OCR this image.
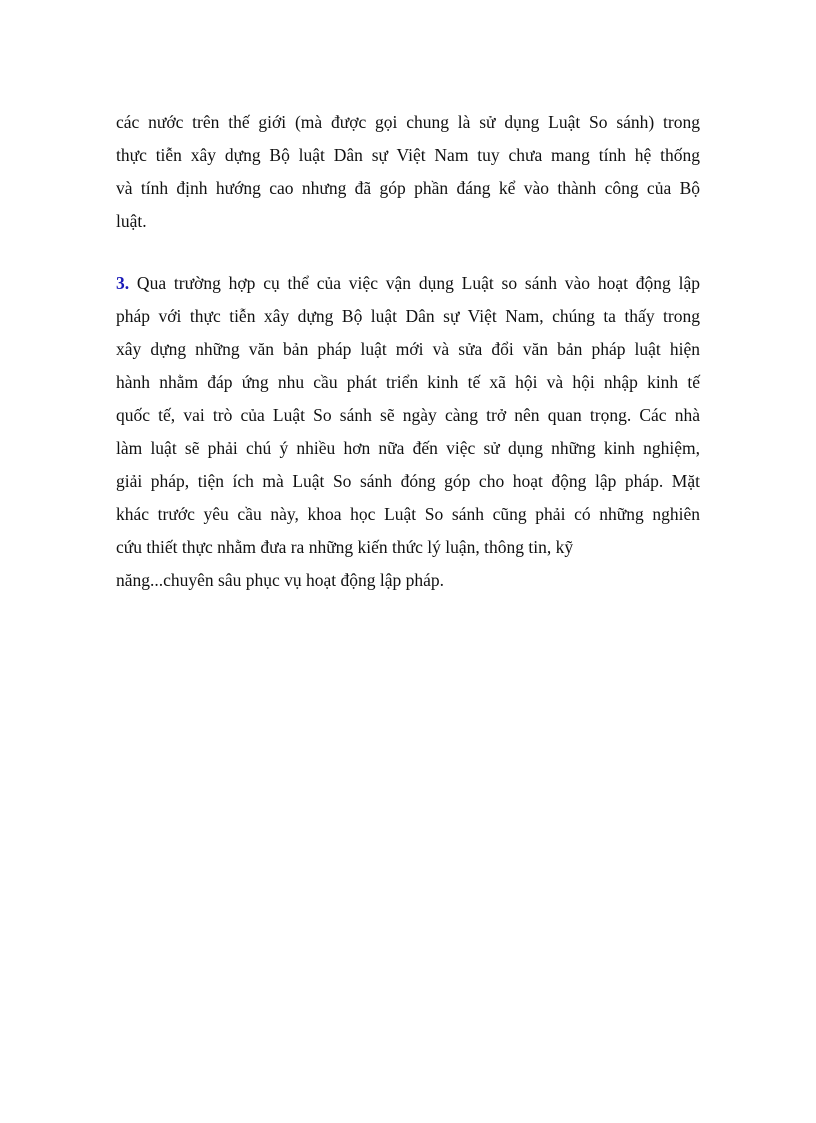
các nước trên thế giới (mà được gọi chung là sử dụng Luật So sánh) trong
thực tiễn xây dựng Bộ luật Dân sự Việt Nam tuy chưa mang tính hệ thống
và tính định hướng cao nhưng đã góp phần đáng kể vào thành công của Bộ
luật.
3. Qua trường hợp cụ thể của việc vận dụng Luật so sánh vào hoạt động lập
pháp với thực tiễn xây dựng Bộ luật Dân sự Việt Nam, chúng ta thấy trong
xây dựng những văn bản pháp luật mới và sửa đổi văn bản pháp luật hiện
hành nhằm đáp ứng nhu cầu phát triển kinh tế xã hội và hội nhập kinh tế
quốc tế, vai trò của Luật So sánh sẽ ngày càng trở nên quan trọng. Các nhà
làm luật sẽ phải chú ý nhiều hơn nữa đến việc sử dụng những kinh nghiệm,
giải pháp, tiện ích mà Luật So sánh đóng góp cho hoạt động lập pháp. Mặt
khác trước yêu cầu này, khoa học Luật So sánh cũng phải có những nghiên
cứu thiết thực nhằm đưa ra những kiến thức lý luận, thông tin, kỹ
năng...chuyên sâu phục vụ hoạt động lập pháp.
